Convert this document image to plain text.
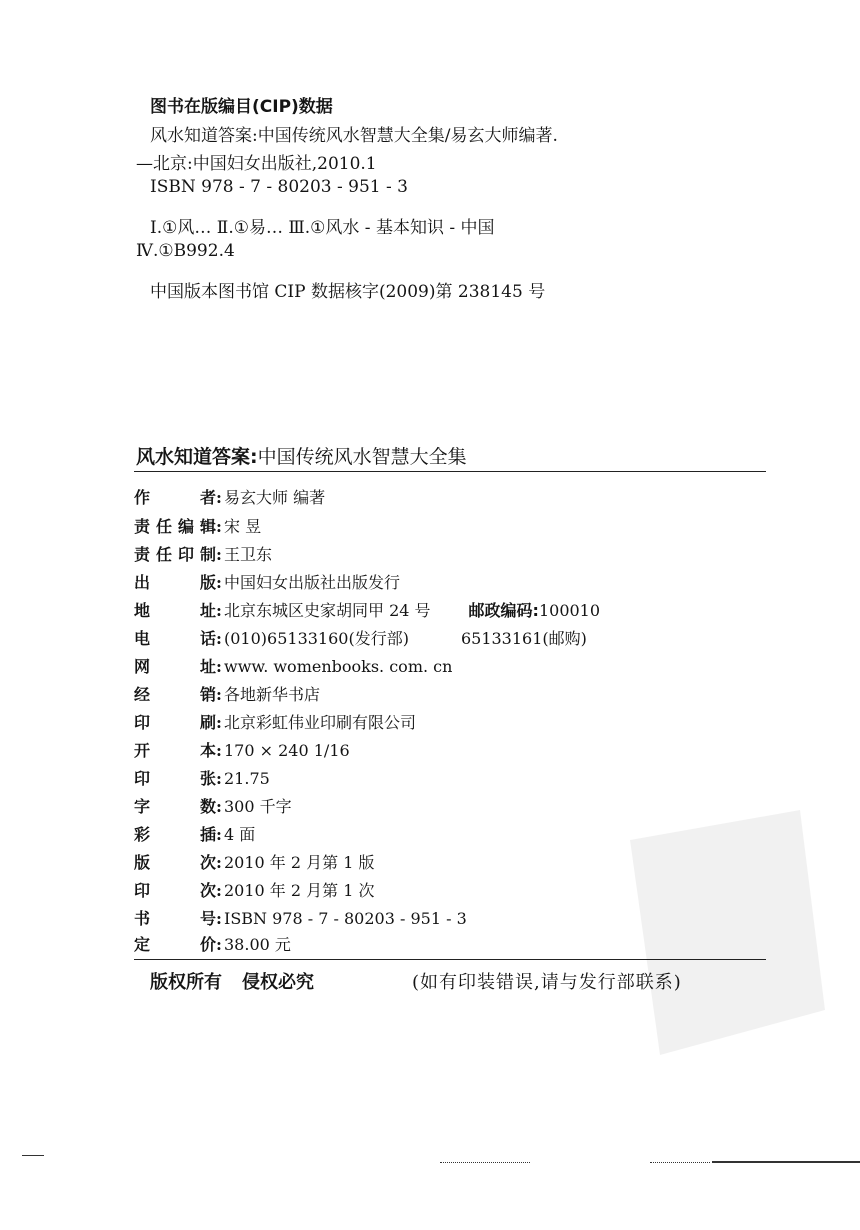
图书在版编目(CIP)数据
风水知道答案:中国传统风水智慧大全集/易玄大师编著.
—北京:中国妇女出版社,2010.1
ISBN 978 - 7 - 80203 - 951 - 3
Ⅰ.①风… Ⅱ.①易… Ⅲ.①风水 - 基本知识 - 中国
Ⅳ.①B992.4
中国版本图书馆 CIP 数据核字(2009)第 238145 号
风水知道答案:中国传统风水智慧大全集
作者: 易玄大师 编著
责任编辑: 宋 昱
责任印制: 王卫东
出版: 中国妇女出版社出版发行
地址: 北京东城区史家胡同甲 24 号 邮政编码:100010
电话: (010)65133160(发行部)	65133161(邮购)
网址: www. womenbooks. com. cn
经销: 各地新华书店
印刷: 北京彩虹伟业印刷有限公司
开本: 170 × 240 1/16
印张: 21.75
字数: 300 千字
彩插: 4 面
版次: 2010 年 2 月第 1 版
印次: 2010 年 2 月第 1 次
书号: ISBN 978 - 7 - 80203 - 951 - 3
定价: 38.00 元
版权所有 侵权必究	(如有印装错误,请与发行部联系)
